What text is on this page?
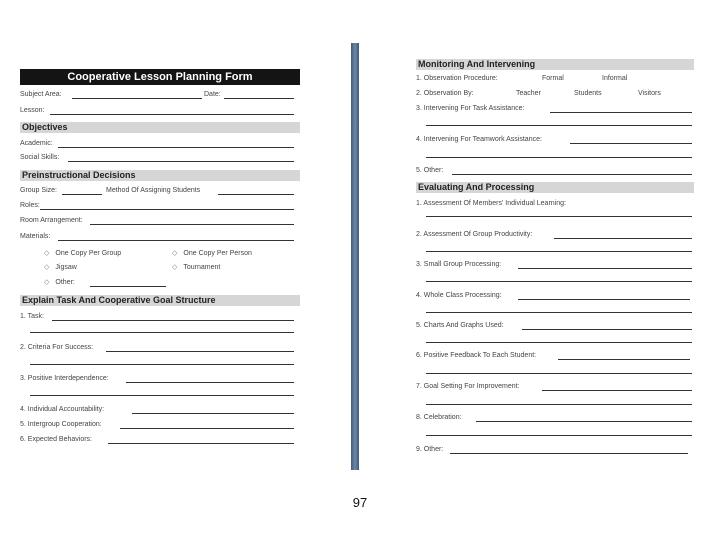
Cooperative Lesson Planning Form
Subject Area:	Date:
Lesson:
Objectives
Academic:
Social Skills:
Preinstructional Decisions
Group Size:	Method Of Assigning Students
Roles:
Room Arrangement:
Materials:
◇ One Copy Per Group	◇ One Copy Per Person
◇ Jigsaw	◇ Tournament
◇ Other:
Explain Task And Cooperative Goal Structure
1. Task:
2. Criteria For Success:
3. Positive Interdependence:
4. Individual Accountability:
5. Intergroup Cooperation:
6. Expected Behaviors:
Monitoring And Intervening
1. Observation Procedure:	Formal	Informal
2. Observation By:	Teacher	Students	Visitors
3. Intervening For Task Assistance:
4. Intervening For Teamwork Assistance:
5. Other:
Evaluating And Processing
1. Assessment Of Members' Individual Learning:
2. Assessment Of Group Productivity:
3. Small Group Processing:
4. Whole Class Processing:
5. Charts And Graphs Used:
6. Positive Feedback To Each Student:
7. Goal Setting For Improvement:
8. Celebration:
9. Other:
97
